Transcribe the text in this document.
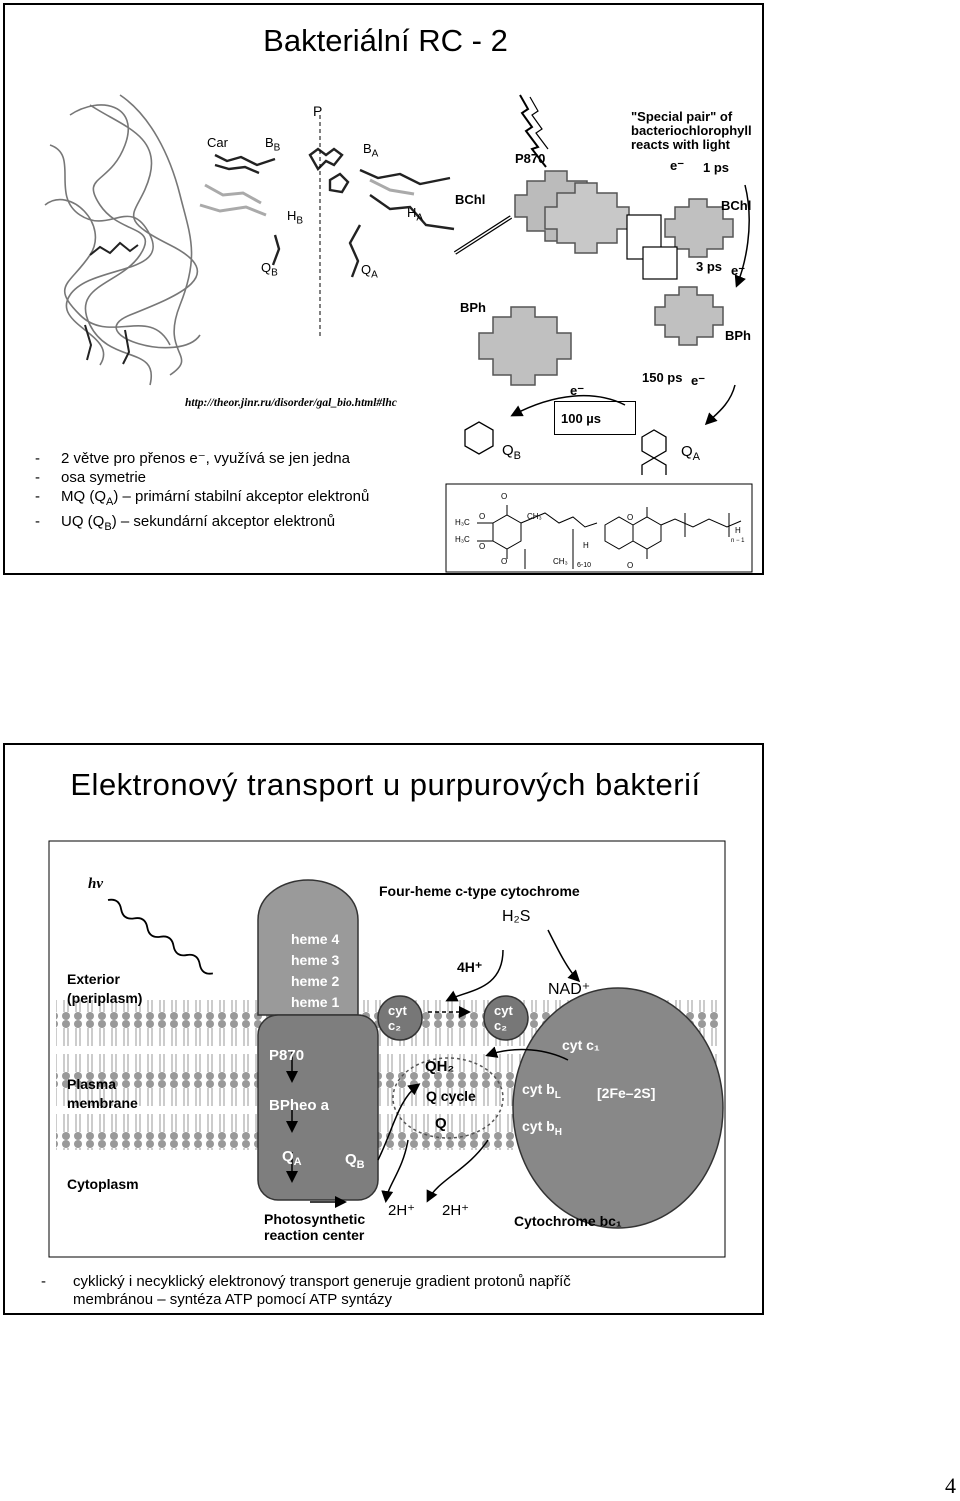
Bakteriální RC - 2
P
Car	$B_B$	$B_A$
$H_B$
$H_A$
$Q_B$	$Q_A$
http://theor.jinr.ru/disorder/gal_bio.html#lhc
"Special pair" of bacteriochlorophyll reacts with light
P870	e⁻ 1 ps
BChl	BChl
3 ps e⁻
BPh
BPh
150 ps e⁻
e⁻
100 µs
$Q_B$	$Q_A$
O
O
H₃C
CH₃
H₃C
O	H
O	CH₃ 6-10
O
O
H
n − 1
- 2 větve pro přenos e⁻, využívá se jen jedna
- osa symetrie
- MQ $(Q_A)$ – primární stabilní akceptor elektronů
- UQ $(Q_B)$ – sekundární akceptor elektronů
Elektronový transport u purpurových bakterií
hν	Four-heme c-type cytochrome
H₂S
NAD⁺
4H⁺
Exterior
(periplasm)
heme 4
heme 3
heme 2
heme 1
cyt
c₂
cyt
c₂
cyt c₁
P870
BPheo a
$Q_A$	$Q_B$
QH₂
Q cycle
Q
cyt $b_L$
cyt $b_H$
[2Fe–2S]
Plasma
membrane
Cytoplasm
2H⁺ 2H⁺
Photosynthetic
reaction center
Cytochrome bc₁
- cyklický i necyklický elektronový transport generuje gradient protonů napříč
membránou – syntéza ATP pomocí ATP syntázy
4
